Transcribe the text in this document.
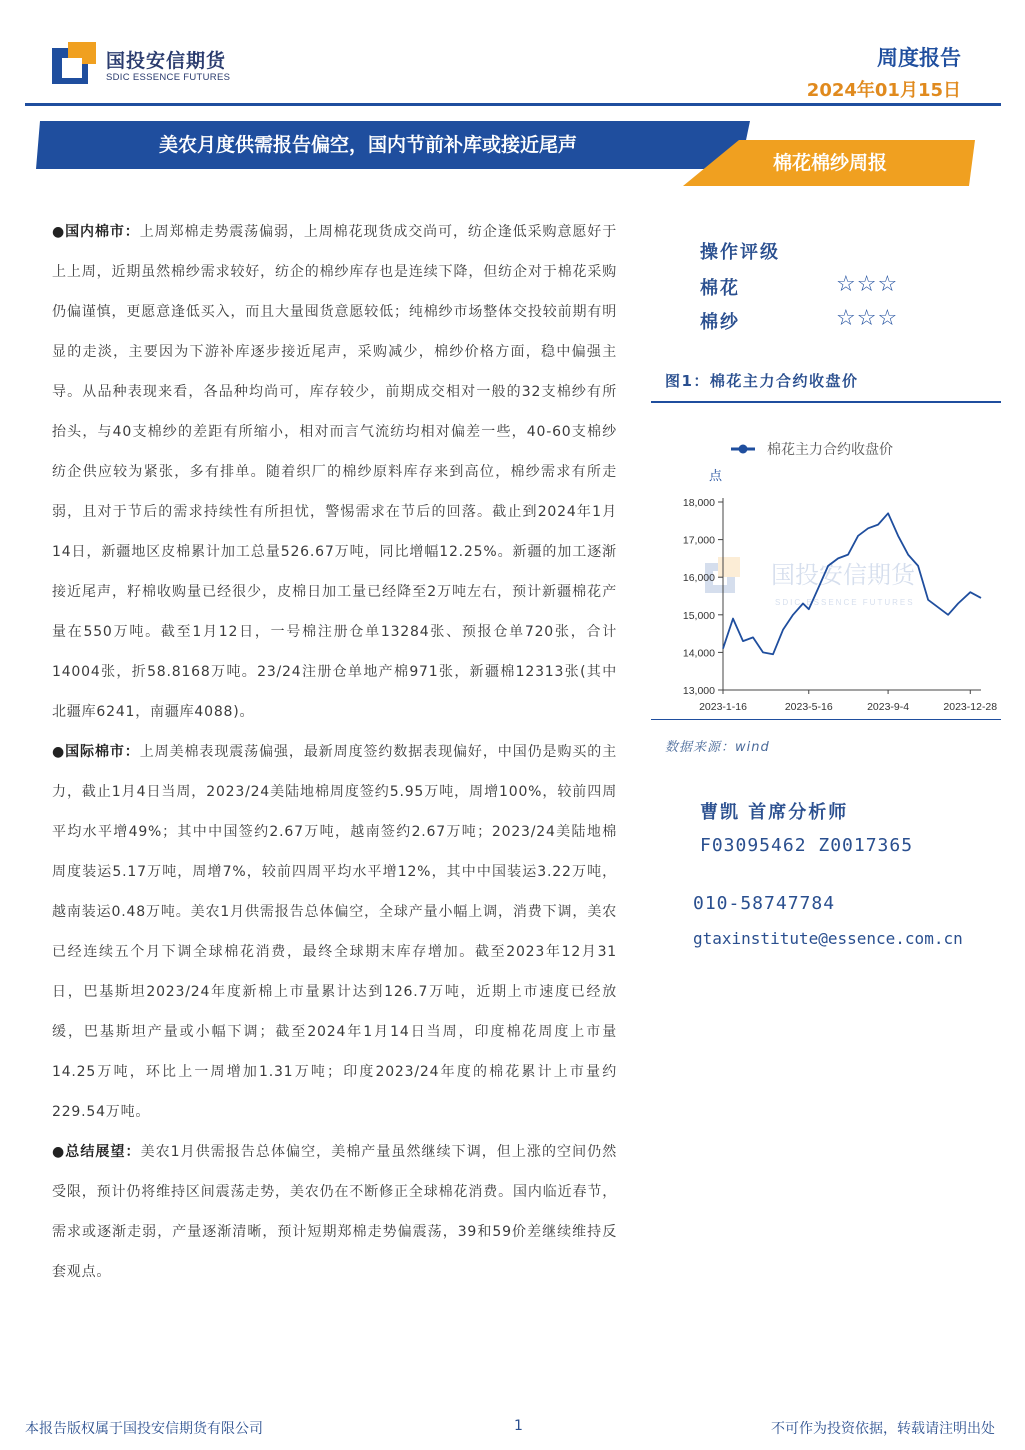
国投安信期货
SDIC ESSENCE FUTURES
周度报告
2024年01月15日
美农月度供需报告偏空，国内节前补库或接近尾声
棉花棉纱周报

●国内棉市：上周郑棉走势震荡偏弱，上周棉花现货成交尚可，纺企逢低采购意愿好于上上周，近期虽然棉纱需求较好，纺企的棉纱库存也是连续下降，但纺企对于棉花采购仍偏谨慎，更愿意逢低买入，而且大量囤货意愿较低；纯棉纱市场整体交投较前期有明显的走淡，主要因为下游补库逐步接近尾声，采购减少，棉纱价格方面，稳中偏强主导。从品种表现来看，各品种均尚可，库存较少，前期成交相对一般的32支棉纱有所抬头，与40支棉纱的差距有所缩小，相对而言气流纺均相对偏差一些，40-60支棉纱纺企供应较为紧张，多有排单。随着织厂的棉纱原料库存来到高位，棉纱需求有所走弱，且对于节后的需求持续性有所担忧，警惕需求在节后的回落。截止到2024年1月14日，新疆地区皮棉累计加工总量526.67万吨，同比增幅12.25%。新疆的加工逐渐接近尾声，籽棉收购量已经很少，皮棉日加工量已经降至2万吨左右，预计新疆棉花产量在550万吨。截至1月12日，一号棉注册仓单13284张、预报仓单720张，合计14004张，折58.8168万吨。23/24注册仓单地产棉971张，新疆棉12313张(其中北疆库6241，南疆库4088)。

●国际棉市：上周美棉表现震荡偏强，最新周度签约数据表现偏好，中国仍是购买的主力，截止1月4日当周，2023/24美陆地棉周度签约5.95万吨，周增100%，较前四周平均水平增49%；其中中国签约2.67万吨，越南签约2.67万吨；2023/24美陆地棉周度装运5.17万吨，周增7%，较前四周平均水平增12%，其中中国装运3.22万吨，越南装运0.48万吨。美农1月供需报告总体偏空，全球产量小幅上调，消费下调，美农已经连续五个月下调全球棉花消费，最终全球期末库存增加。截至2023年12月31日，巴基斯坦2023/24年度新棉上市量累计达到126.7万吨，近期上市速度已经放缓，巴基斯坦产量或小幅下调；截至2024年1月14日当周，印度棉花周度上市量14.25万吨，环比上一周增加1.31万吨；印度2023/24年度的棉花累计上市量约229.54万吨。

●总结展望：美农1月供需报告总体偏空，美棉产量虽然继续下调，但上涨的空间仍然受限，预计仍将维持区间震荡走势，美农仍在不断修正全球棉花消费。国内临近春节，需求或逐渐走弱，产量逐渐清晰，预计短期郑棉走势偏震荡，39和59价差继续维持反套观点。

操作评级
棉花	☆☆☆
棉纱	☆☆☆
图1：棉花主力合约收盘价
国投安信期货
SDIC ESSENCE FUTURES
棉花主力合约收盘价
点
2023-1-16	2023-5-16	2023-9-4	2023-12-28
13,000
14,000
15,000
16,000
17,000
18,000
数据来源：wind
曹凯 首席分析师
F03095462 Z0017365
010-58747784
gtaxinstitute@essence.com.cn
本报告版权属于国投安信期货有限公司	1	不可作为投资依据，转载请注明出处
